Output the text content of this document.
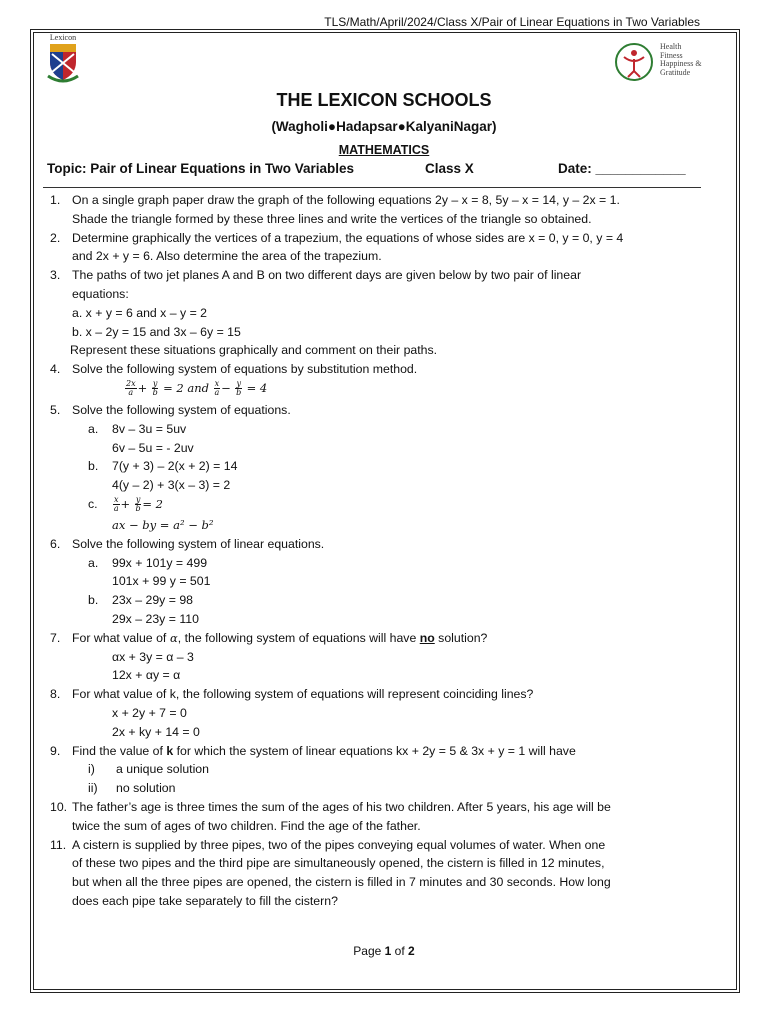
TLS/Math/April/2024/Class X/Pair of Linear Equations in Two Variables
Lexicon
Health
Fitness
Happiness &
Gratitude
THE LEXICON SCHOOLS
(Wagholi●Hadapsar●KalyaniNagar)
MATHEMATICS
Topic: Pair of Linear Equations in Two Variables	Class X	Date: ____________
1. On a single graph paper draw the graph of the following equations 2y – x = 8, 5y – x = 14, y – 2x = 1.
Shade the triangle formed by these three lines and write the vertices of the triangle so obtained.
2. Determine graphically the vertices of a trapezium, the equations of whose sides are x = 0, y = 0, y = 4
and 2x + y = 6. Also determine the area of the trapezium.
3. The paths of two jet planes A and B on two different days are given below by two pair of linear
equations:
a. x + y = 6 and x – y = 2
b. x – 2y = 15 and 3x – 6y = 15
Represent these situations graphically and comment on their paths.
4. Solve the following system of equations by substitution method.
$\frac{2x}{a} + \frac{y}{b} = 2$ and $\frac{x}{a} - \frac{y}{b} = 4$
5. Solve the following system of equations.
a. 8v – 3u = 5uv
6v – 5u = - 2uv
b. 7(y + 3) – 2(x + 2) = 14
4(y – 2) + 3(x – 3) = 2
c. $\frac{x}{a} + \frac{y}{b} = 2$
ax − by = a² − b²
6. Solve the following system of linear equations.
a. 99x + 101y = 499
101x + 99 y = 501
b. 23x – 29y = 98
29x – 23y = 110
7. For what value of α, the following system of equations will have no solution?
αx + 3y = α – 3
12x + αy = α
8. For what value of k, the following system of equations will represent coinciding lines?
x + 2y + 7 = 0
2x + ky + 14 = 0
9. Find the value of k for which the system of linear equations kx + 2y = 5 & 3x + y = 1 will have
i) a unique solution
ii) no solution
10. The father’s age is three times the sum of the ages of his two children. After 5 years, his age will be
twice the sum of ages of two children. Find the age of the father.
11. A cistern is supplied by three pipes, two of the pipes conveying equal volumes of water. When one
of these two pipes and the third pipe are simultaneously opened, the cistern is filled in 12 minutes,
but when all the three pipes are opened, the cistern is filled in 7 minutes and 30 seconds. How long
does each pipe take separately to fill the cistern?
Page 1 of 2
